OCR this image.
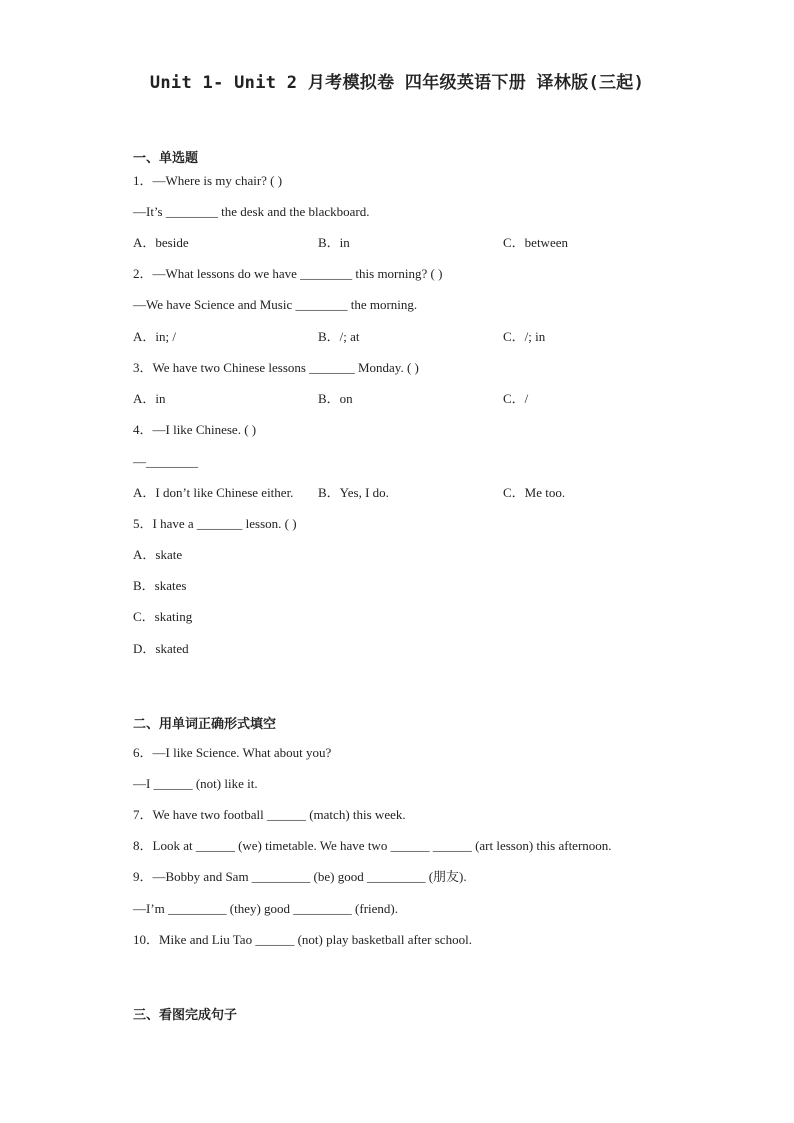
Unit 1- Unit 2 月考模拟卷 四年级英语下册 译林版(三起)
一、单选题
1．—Where is my chair? ( )
—It’s ________ the desk and the blackboard.
A．beside	B．in	C．between
2．—What lessons do we have ________ this morning? ( )
—We have Science and Music ________ the morning.
A．in; /	B．/; at	C．/; in
3．We have two Chinese lessons _______ Monday. ( )
A．in	B．on	C．/
4．—I like Chinese. ( )
—________
A．I don’t like Chinese either. B．Yes, I do.	C．Me too.
5．I have a _______ lesson. ( )
A．skate
B．skates
C．skating
D．skated
二、用单词正确形式填空
6．—I like Science. What about you?
—I ______ (not) like it.
7．We have two football ______ (match) this week.
8．Look at ______ (we) timetable. We have two ______ ______ (art lesson) this afternoon.
9．—Bobby and Sam _________ (be) good _________ (朋友).
—I’m _________ (they) good _________ (friend).
10．Mike and Liu Tao ______ (not) play basketball after school.
三、看图完成句子
